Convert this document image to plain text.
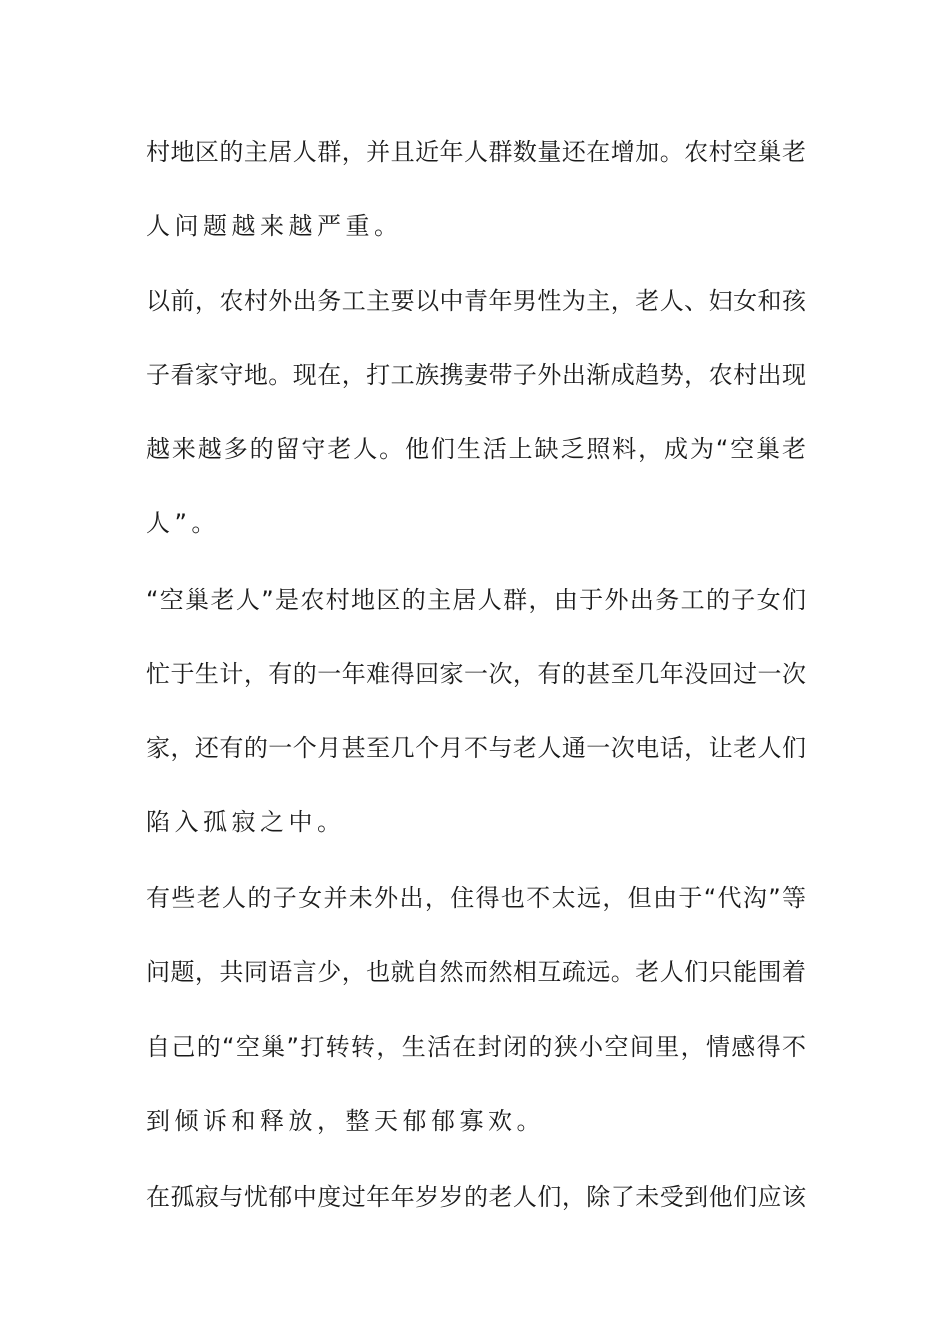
村地区的主居人群，并且近年人群数量还在增加。农村空巢老
人问题越来越严重。
以前，农村外出务工主要以中青年男性为主，老人、妇女和孩
子看家守地。现在，打工族携妻带子外出渐成趋势，农村出现
越来越多的留守老人。他们生活上缺乏照料，成为“空巢老
人”。
“空巢老人”是农村地区的主居人群，由于外出务工的子女们
忙于生计，有的一年难得回家一次，有的甚至几年没回过一次
家，还有的一个月甚至几个月不与老人通一次电话，让老人们
陷入孤寂之中。
有些老人的子女并未外出，住得也不太远，但由于“代沟”等
问题，共同语言少，也就自然而然相互疏远。老人们只能围着
自己的“空巢”打转转，生活在封闭的狭小空间里，情感得不
到倾诉和释放，整天郁郁寡欢。
在孤寂与忧郁中度过年年岁岁的老人们，除了未受到他们应该
